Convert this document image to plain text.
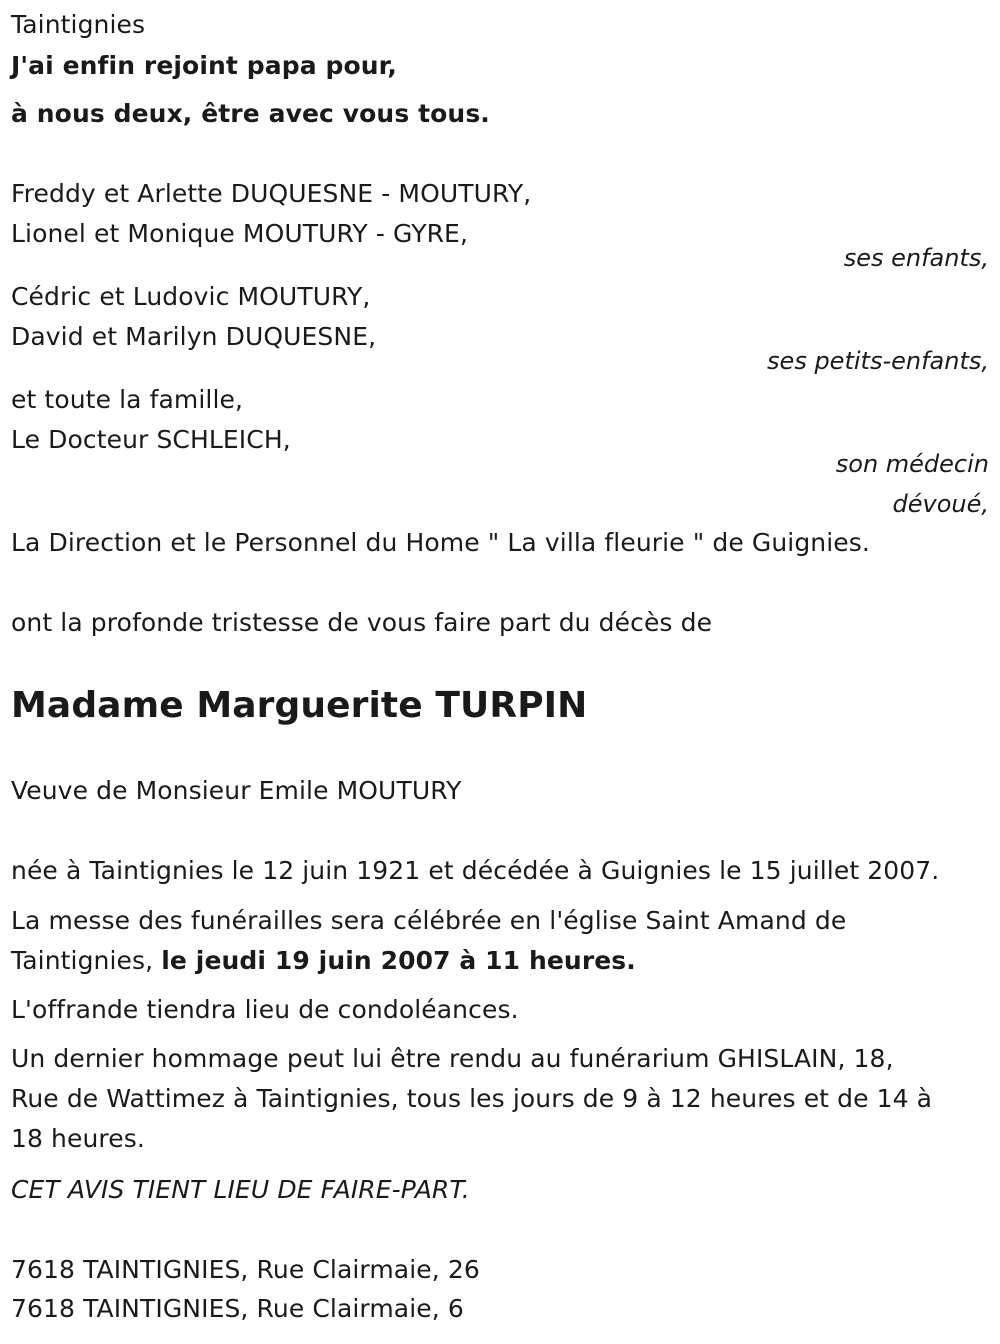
Taintignies
J'ai enfin rejoint papa pour,
à nous deux, être avec vous tous.
Freddy et Arlette DUQUESNE - MOUTURY,
Lionel et Monique MOUTURY - GYRE,
ses enfants,
Cédric et Ludovic MOUTURY,
David et Marilyn DUQUESNE,
ses petits-enfants,
et toute la famille,
Le Docteur SCHLEICH,
son médecin
dévoué,
La Direction et le Personnel du Home " La villa fleurie " de Guignies.
ont la profonde tristesse de vous faire part du décès de
Madame Marguerite TURPIN
Veuve de Monsieur Emile MOUTURY
née à Taintignies le 12 juin 1921 et décédée à Guignies le 15 juillet 2007.
La messe des funérailles sera célébrée en l'église Saint Amand de
Taintignies, le jeudi 19 juin 2007 à 11 heures.
L'offrande tiendra lieu de condoléances.
Un dernier hommage peut lui être rendu au funérarium GHISLAIN, 18,
Rue de Wattimez à Taintignies, tous les jours de 9 à 12 heures et de 14 à
18 heures.
CET AVIS TIENT LIEU DE FAIRE-PART.
7618 TAINTIGNIES, Rue Clairmaie, 26
7618 TAINTIGNIES, Rue Clairmaie, 6
